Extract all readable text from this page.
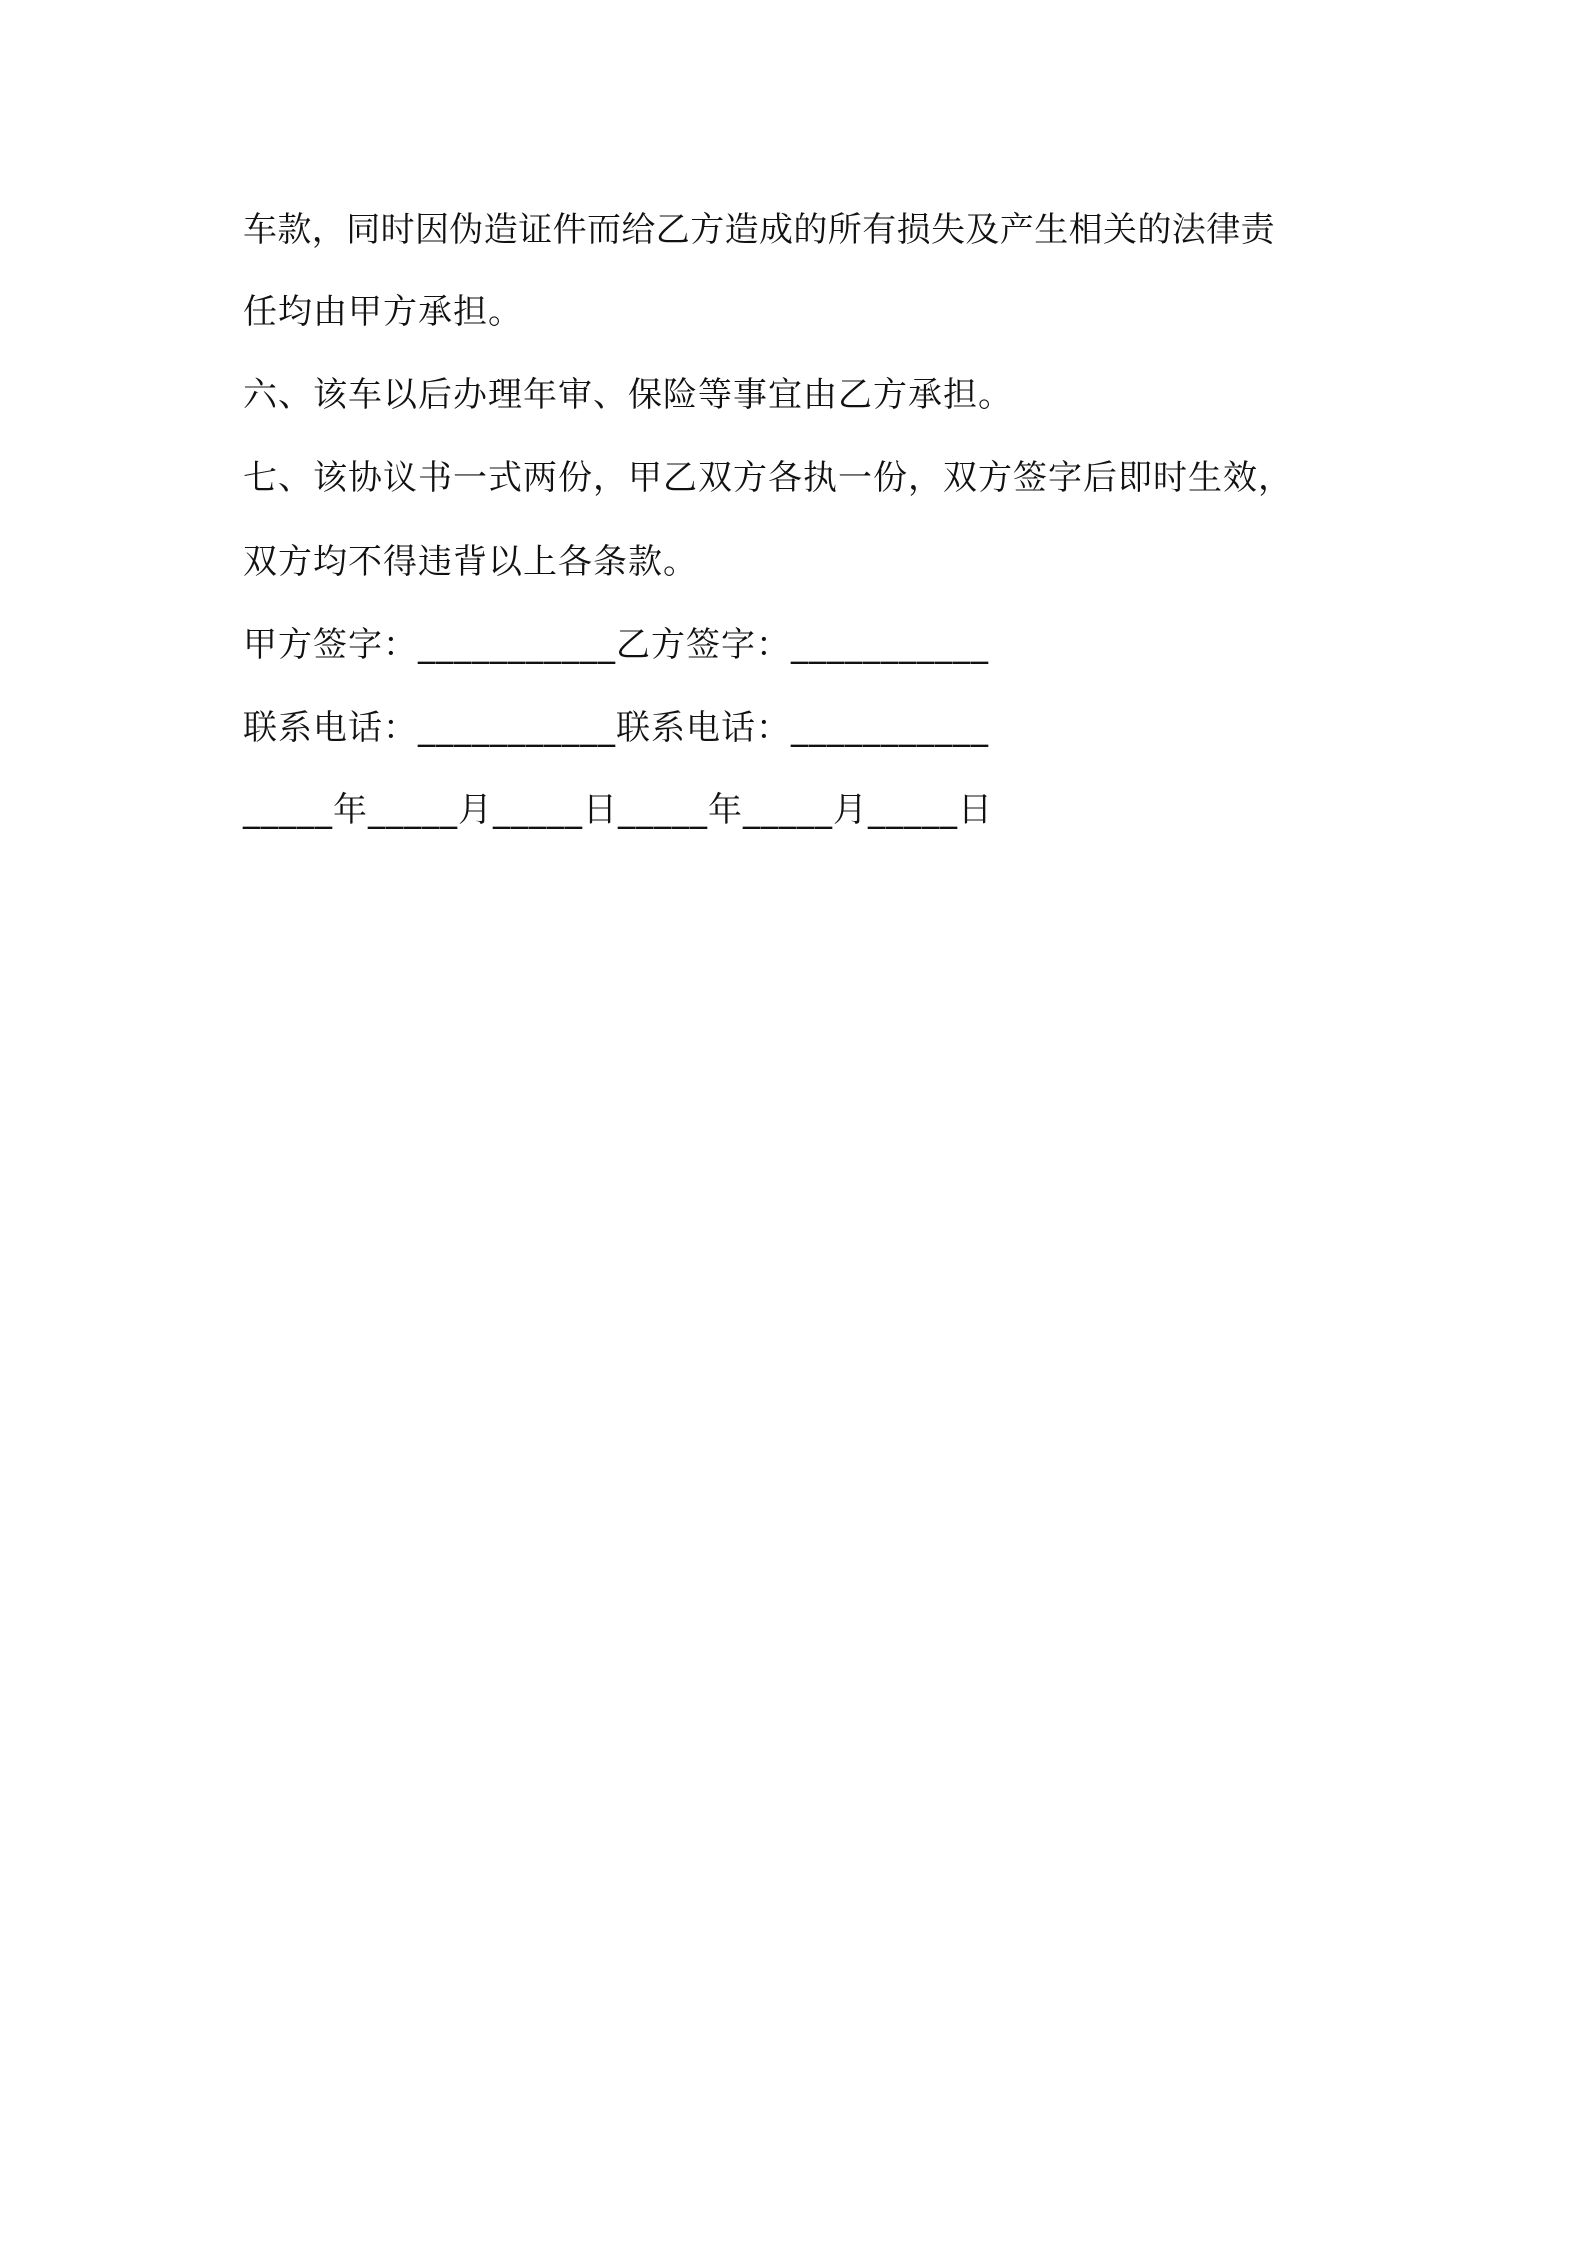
车款，同时因伪造证件而给乙方造成的所有损失及产生相关的法律责
任均由甲方承担。
六、该车以后办理年审、保险等事宜由乙方承担。
七、该协议书一式两份，甲乙双方各执一份，双方签字后即时生效，
双方均不得违背以上各条款。
甲方签字：___________乙方签字：___________
联系电话：___________联系电话：___________
_____年_____月_____日_____年_____月_____日
